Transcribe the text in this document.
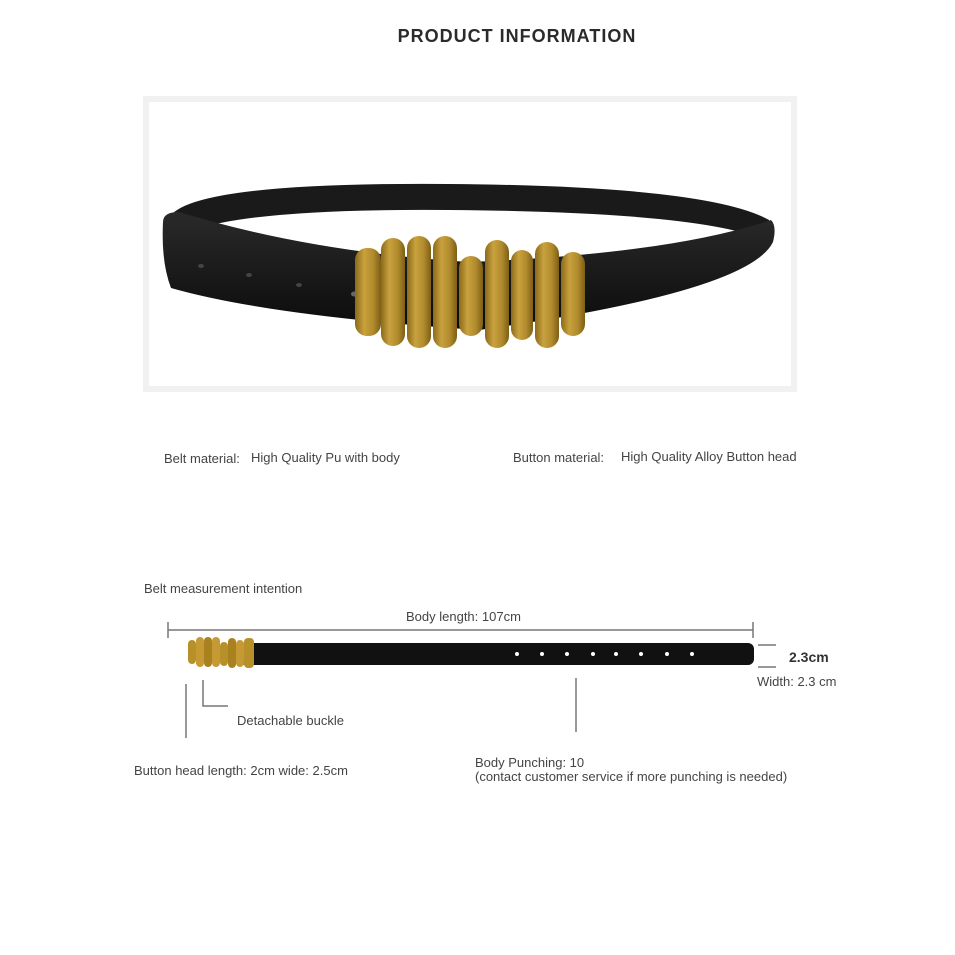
PRODUCT INFORMATION
Belt material: High Quality Pu with body	Button material: High Quality Alloy Button head
Belt measurement intention
Body length: 107cm
2.3cm
Width: 2.3 cm
Detachable buckle
Button head length: 2cm wide: 2.5cm
Body Punching: 10
(contact customer service if more punching is needed)
